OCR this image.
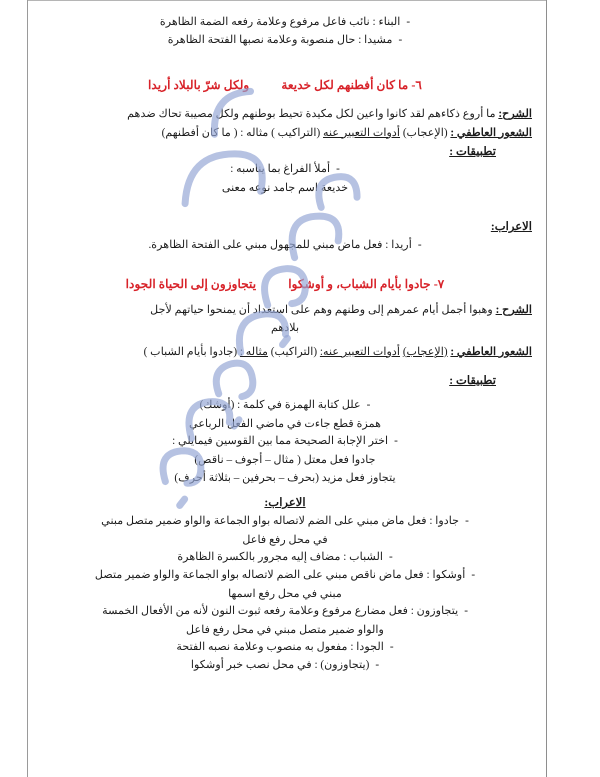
-
البناء : نائب فاعل مرفوع وعلامة رفعه الضمة الظاهرة
-
مشيدا : حال منصوبة وعلامة نصبها الفتحة الظاهرة
٦- ما كان أفطنهم لكل خديعة  ولكل شرّ بالبلاد أريدا
الشرح: ما أروع ذكاءهم لقد كانوا واعين لكل مكيدة تحيط بوطنهم ولكل مصيبة تحاك ضدهم
الشعور العاطفي : (الإعجاب) أدوات التعبير عنه (التراكيب ) مثاله : ( ما كان أفطنهم)
تطبيقات :
-
أملأ الفراغ بما يناسبه :
خديعة اسم جامد نوعه معنى
الاعراب:
-
أريدا : فعل ماض مبني للمجهول مبني على الفتحة الظاهرة.
٧- جادوا بأيام الشباب، و أوشكوا  يتجاوزون إلى الحياة الجودا
الشرح : وهبوا أجمل أيام عمرهم إلى وطنهم وهم على استعداد أن يمنحوا حياتهم لأجل
بلادهم
الشعور العاطفي : (الإعجاب) أدوات التعبير عنه: (التراكيب) مثاله : (جادوا بأيام الشباب )
تطبيقات :
-
علل كتابة الهمزة في كلمة : (أوشك)
همزة قطع جاءت في ماضي الفعل الرباعي
-
اختر الإجابة الصحيحة مما بين القوسين فيمايلي :
جادوا فعل معتل ( مثال – أجوف – ناقص)
يتجاوز فعل مزيد (بحرف – بحرفين – بثلاثة أحرف)
الاعراب:
-
جادوا : فعل ماض مبني على الضم لاتصاله بواو الجماعة والواو ضمير متصل مبني
في محل رفع فاعل
-
الشباب : مضاف إليه مجرور بالكسرة الظاهرة
-
أوشكوا : فعل ماض ناقص مبني على الضم لاتصاله بواو الجماعة والواو ضمير متصل
مبني في محل رفع اسمها
-
يتجاوزون : فعل مضارع مرفوع وعلامة رفعه ثبوت النون لأنه من الأفعال الخمسة
والواو ضمير متصل مبني في محل رفع فاعل
-
الجودا : مفعول به منصوب وعلامة نصبه الفتحة
-
(يتجاوزون) : في محل نصب خبر أوشكوا
